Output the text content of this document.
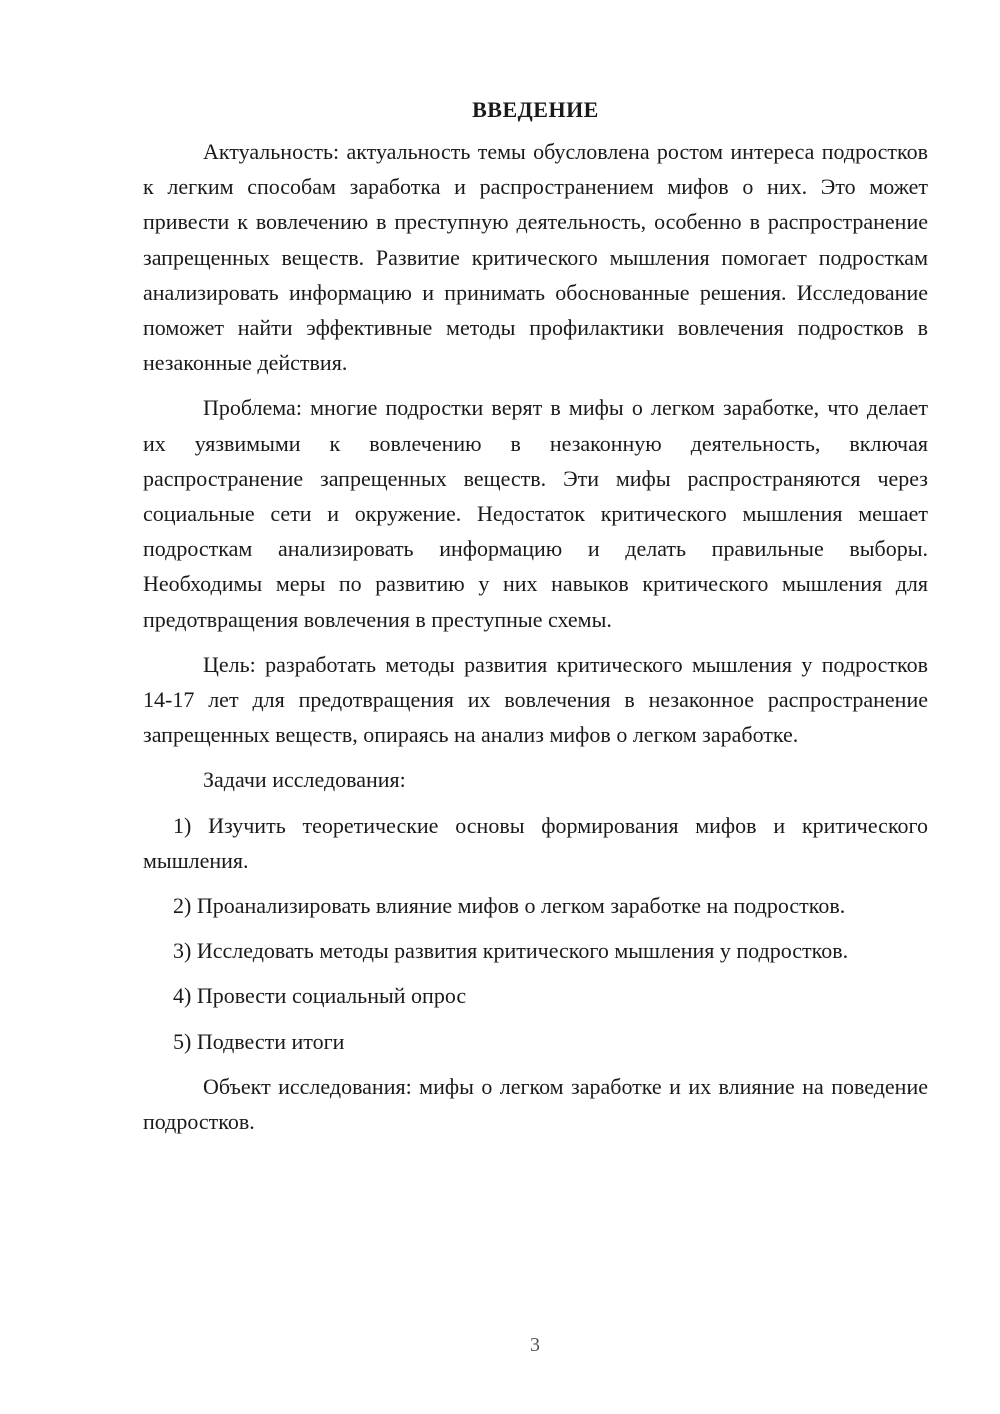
ВВЕДЕНИЕ

Актуальность: актуальность темы обусловлена ростом интереса подростков к легким способам заработка и распространением мифов о них. Это может привести к вовлечению в преступную деятельность, особенно в распространение запрещенных веществ. Развитие критического мышления помогает подросткам анализировать информацию и принимать обоснованные решения. Исследование поможет найти эффективные методы профилактики вовлечения подростков в незаконные действия.

Проблема: многие подростки верят в мифы о легком заработке, что делает их уязвимыми к вовлечению в незаконную деятельность, включая распространение запрещенных веществ. Эти мифы распространяются через социальные сети и окружение. Недостаток критического мышления мешает подросткам анализировать информацию и делать правильные выборы. Необходимы меры по развитию у них навыков критического мышления для предотвращения вовлечения в преступные схемы.

Цель: разработать методы развития критического мышления у подростков 14-17 лет для предотвращения их вовлечения в незаконное распространение запрещенных веществ, опираясь на анализ мифов о легком заработке.

Задачи исследования:

1) Изучить теоретические основы формирования мифов и критического мышления.

2) Проанализировать влияние мифов о легком заработке на подростков.

3) Исследовать методы развития критического мышления у подростков.

4) Провести социальный опрос

5) Подвести итоги

Объект исследования: мифы о легком заработке и их влияние на поведение подростков.

3
